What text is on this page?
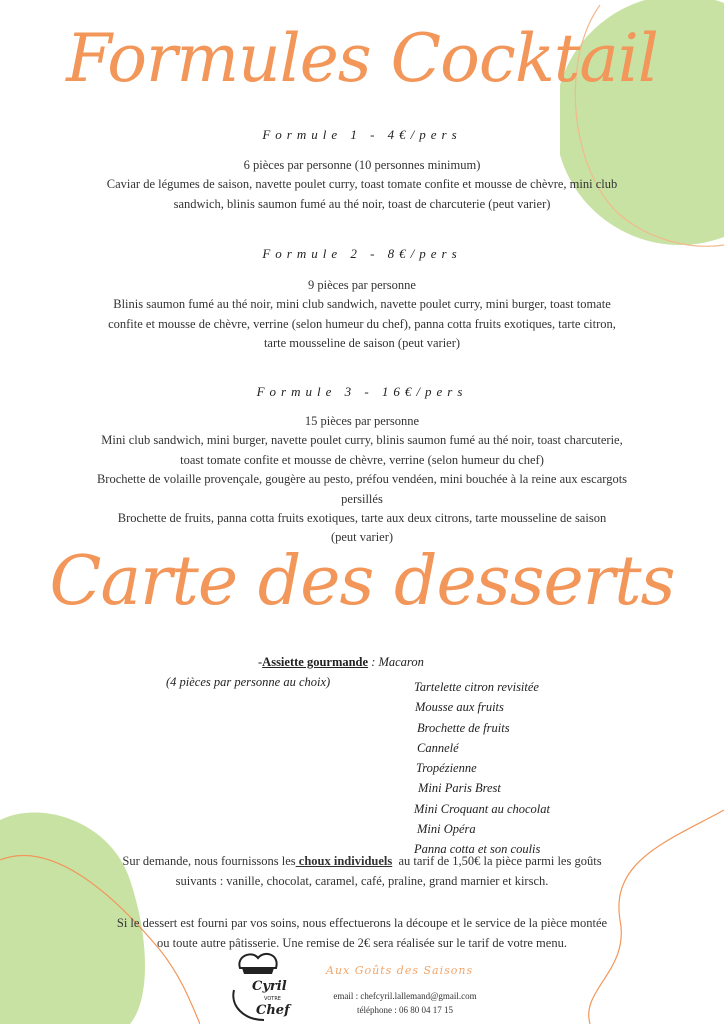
Formules Cocktail
Formule 1 - 4€/pers
6 pièces par personne (10 personnes minimum)
Caviar de légumes de saison, navette poulet curry, toast tomate confite et mousse de chèvre, mini club
sandwich, blinis saumon fumé au thé noir, toast de charcuterie (peut varier)
Formule 2 - 8€/pers
9 pièces par personne
Blinis saumon fumé au thé noir, mini club sandwich, navette poulet curry, mini burger, toast tomate
confite et mousse de chèvre, verrine (selon humeur du chef), panna cotta fruits exotiques, tarte citron,
tarte mousseline de saison (peut varier)
Formule 3 - 16€/pers
15 pièces par personne
Mini club sandwich, mini burger, navette poulet curry, blinis saumon fumé au thé noir, toast charcuterie,
toast tomate confite et mousse de chèvre, verrine (selon humeur du chef)
Brochette de volaille provençale, gougère au pesto, préfou vendéen, mini bouchée à la reine aux escargots
persillés
Brochette de fruits, panna cotta fruits exotiques, tarte aux deux citrons, tarte mousseline de saison
(peut varier)
Carte des desserts
-Assiette gourmande : Macaron
(4 pièces par personne au choix)	Tartelette citron revisitée
Mousse aux fruits
Brochette de fruits
Cannelé
Tropézienne
Mini Paris Brest
Mini Croquant au chocolat
Mini Opéra
Panna cotta et son coulis
Sur demande, nous fournissons les choux individuels  au tarif de 1,50€ la pièce parmi les goûts
suivants : vanille, chocolat, caramel, café, praline, grand marnier et kirsch.
Si le dessert est fourni par vos soins, nous effectuerons la découpe et le service de la pièce montée
ou toute autre pâtisserie. Une remise de 2€ sera réalisée sur le tarif de votre menu.
Cyril
VOTRE
Chef
Aux Goûts des Saisons
email : chefcyril.lallemand@gmail.com
téléphone : 06 80 04 17 15
